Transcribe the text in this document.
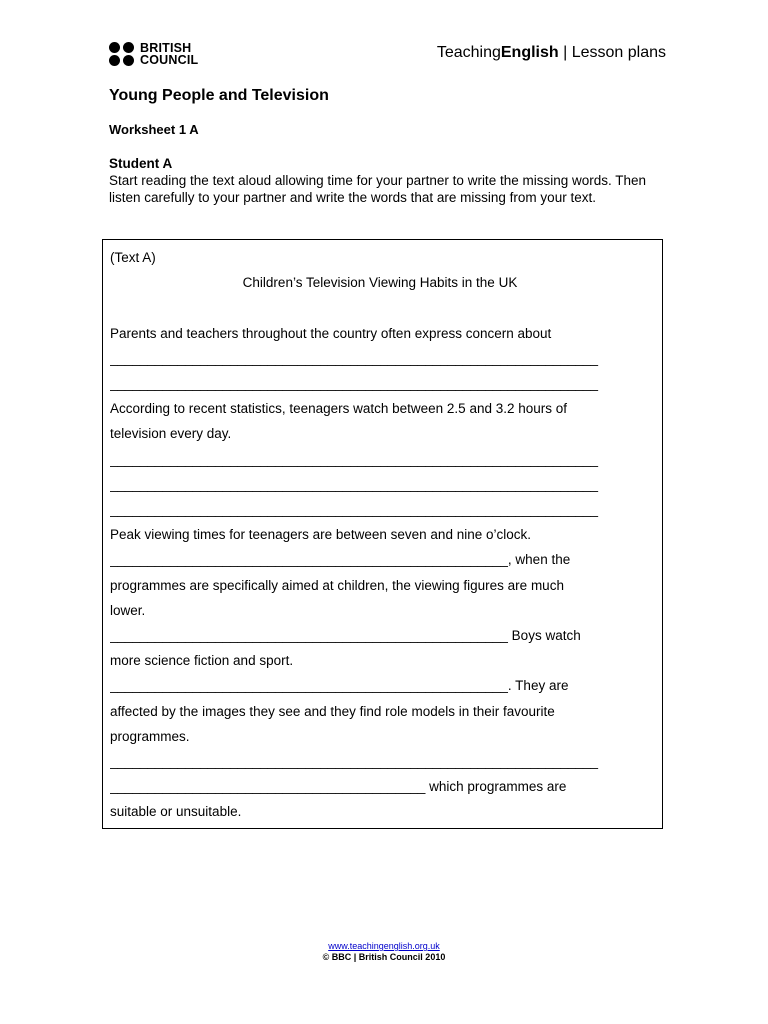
BRITISH
COUNCIL	TeachingEnglish | Lesson plans
Young People and Television
Worksheet 1 A
Student A
Start reading the text aloud allowing time for your partner to write the missing words. Then listen carefully to your partner and write the words that are missing from your text.
(Text A)
Children’s Television Viewing Habits in the UK

Parents and teachers throughout the country often express concern about
_________________________________________________________________
_________________________________________________________________
According to recent statistics, teenagers watch between 2.5 and 3.2 hours of
television every day.
_________________________________________________________________
_________________________________________________________________
_________________________________________________________________
Peak viewing times for teenagers are between seven and nine o’clock.
_____________________________________________________, when the
programmes are specifically aimed at children, the viewing figures are much
lower.
_____________________________________________________ Boys watch
more science fiction and sport.
_____________________________________________________. They are
affected by the images they see and they find role models in their favourite
programmes.
_________________________________________________________________
__________________________________________ which programmes are
suitable or unsuitable.
www.teachingenglish.org.uk
© BBC | British Council 2010
